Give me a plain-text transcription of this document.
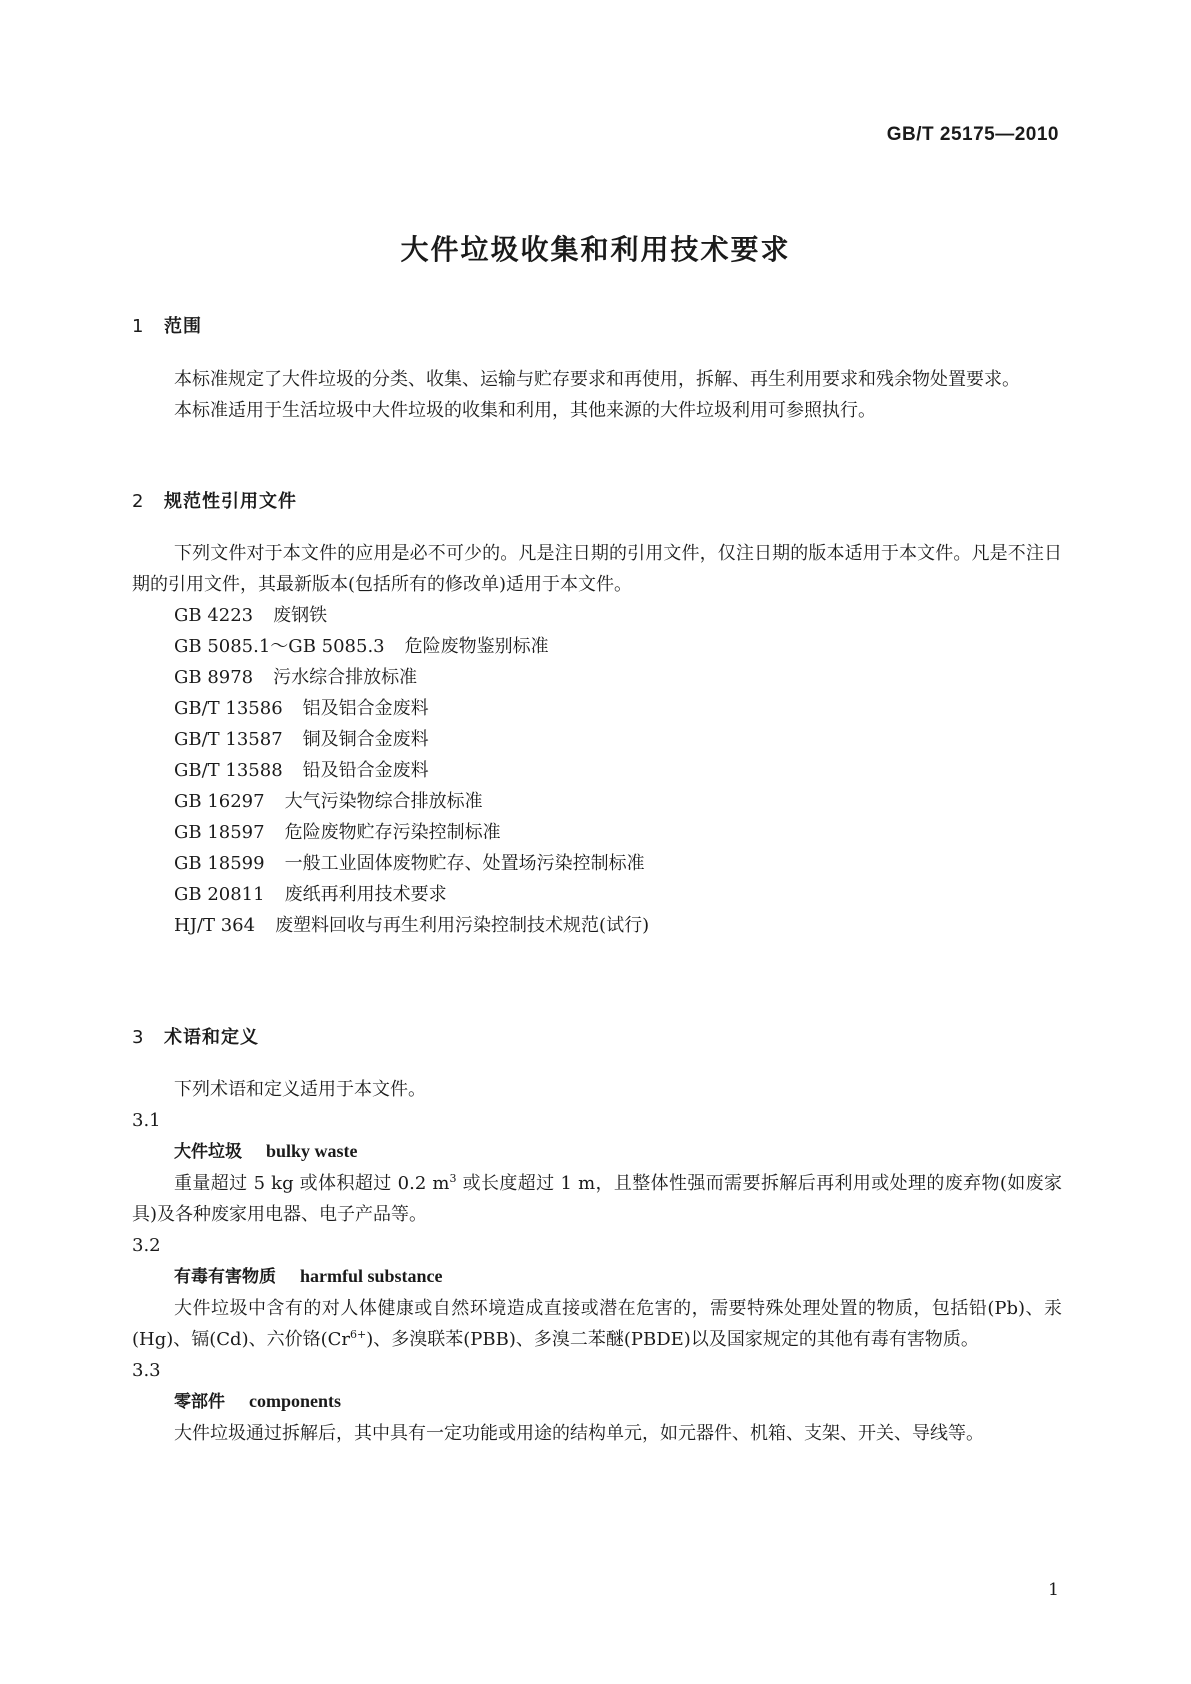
GB/T 25175—2010
大件垃圾收集和利用技术要求
1 范围

本标准规定了大件垃圾的分类、收集、运输与贮存要求和再使用，拆解、再生利用要求和残余物处置要求。

本标准适用于生活垃圾中大件垃圾的收集和利用，其他来源的大件垃圾利用可参照执行。

2 规范性引用文件

下列文件对于本文件的应用是必不可少的。凡是注日期的引用文件，仅注日期的版本适用于本文件。凡是不注日期的引用文件，其最新版本(包括所有的修改单)适用于本文件。

GB 4223 废钢铁

GB 5085.1～GB 5085.3 危险废物鉴别标准

GB 8978 污水综合排放标准

GB/T 13586 铝及铝合金废料

GB/T 13587 铜及铜合金废料

GB/T 13588 铅及铅合金废料

GB 16297 大气污染物综合排放标准

GB 18597 危险废物贮存污染控制标准

GB 18599 一般工业固体废物贮存、处置场污染控制标准

GB 20811 废纸再利用技术要求

HJ/T 364 废塑料回收与再生利用污染控制技术规范(试行)

3 术语和定义

下列术语和定义适用于本文件。

3.1

大件垃圾 bulky waste

重量超过 5 kg 或体积超过 0.2 $m^3$ 或长度超过 1 m，且整体性强而需要拆解后再利用或处理的废弃物(如废家具)及各种废家用电器、电子产品等。

3.2

有毒有害物质 harmful substance

大件垃圾中含有的对人体健康或自然环境造成直接或潜在危害的，需要特殊处理处置的物质，包括铅(Pb)、汞(Hg)、镉(Cd)、六价铬$(Cr^{6+})$、多溴联苯(PBB)、多溴二苯醚(PBDE)以及国家规定的其他有毒有害物质。

3.3

零部件 components

大件垃圾通过拆解后，其中具有一定功能或用途的结构单元，如元器件、机箱、支架、开关、导线等。

1
